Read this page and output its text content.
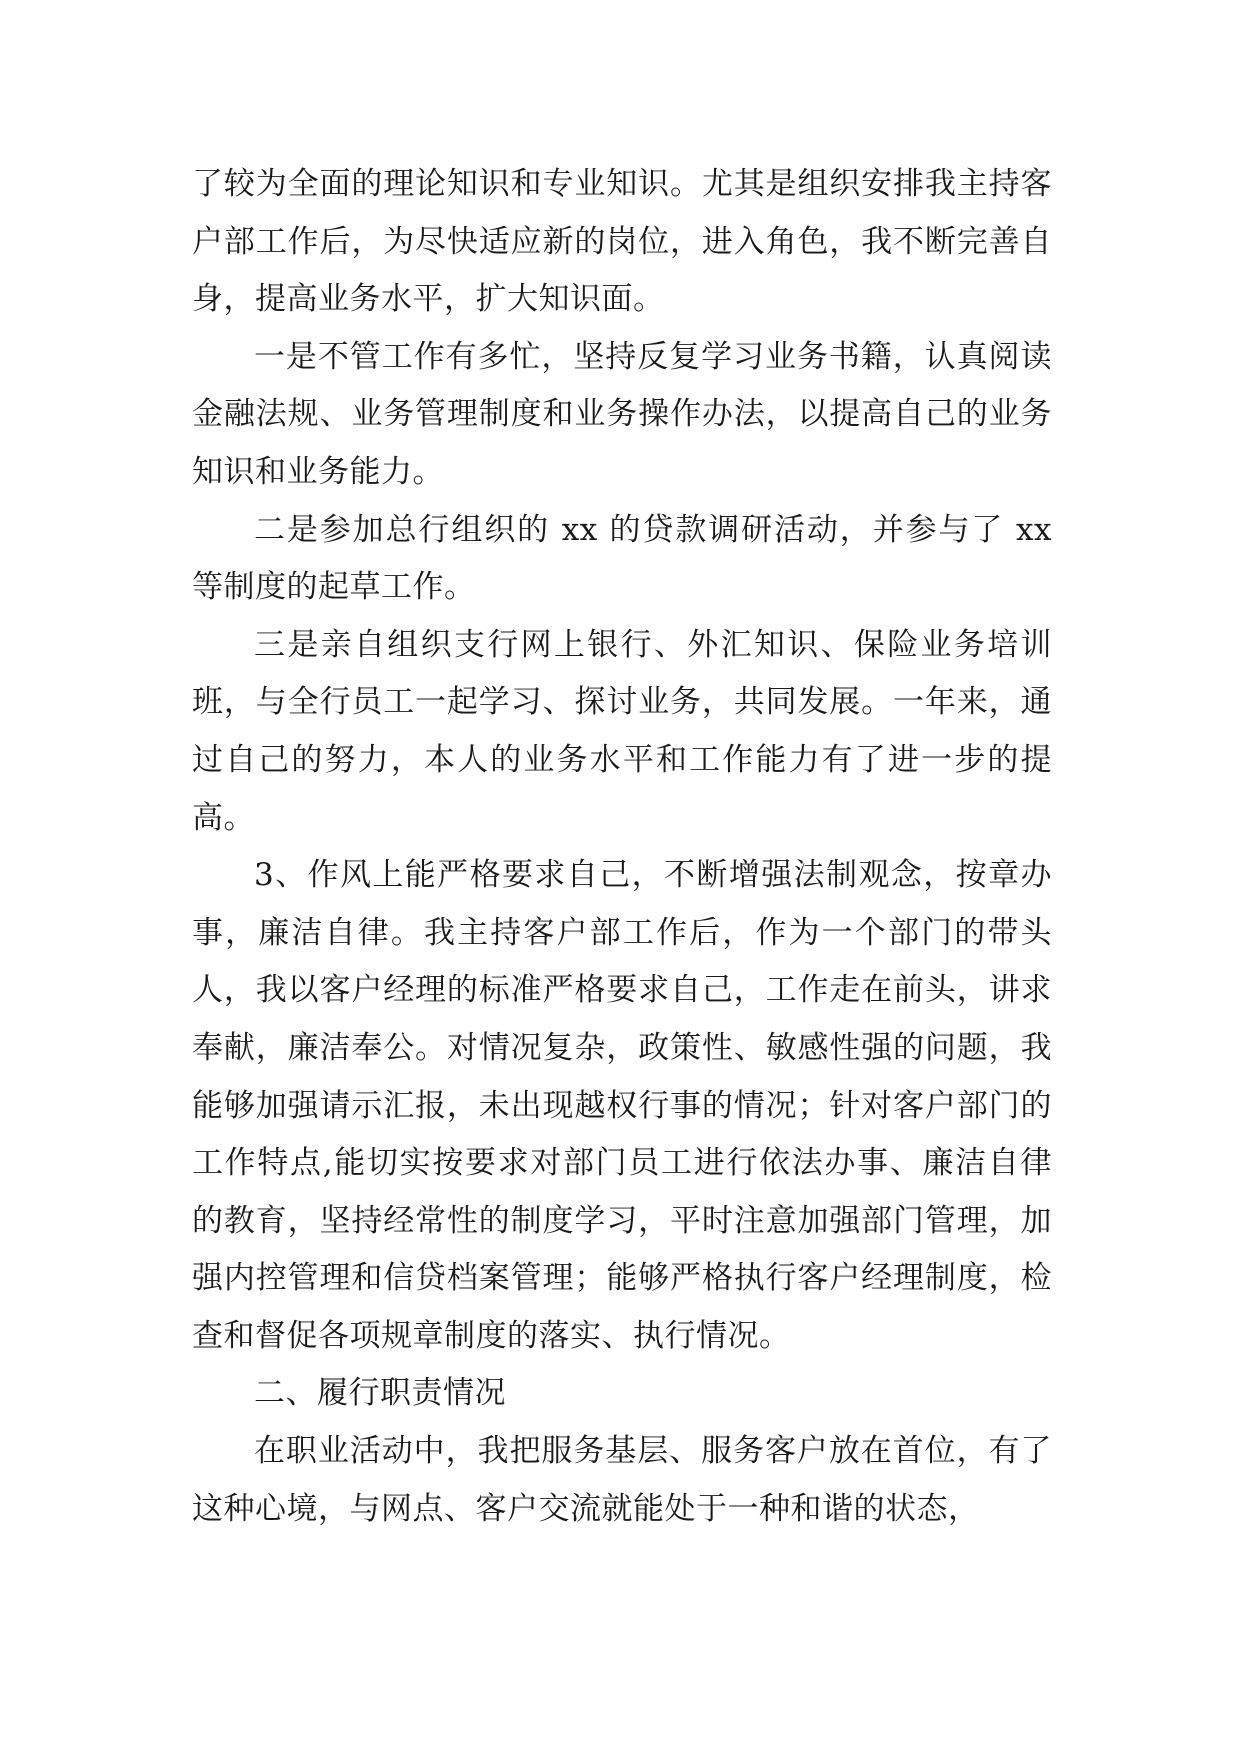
了较为全面的理论知识和专业知识。尤其是组织安排我主持客户部工作后，为尽快适应新的岗位，进入角色，我不断完善自身，提高业务水平，扩大知识面。

一是不管工作有多忙，坚持反复学习业务书籍，认真阅读金融法规、业务管理制度和业务操作办法，以提高自己的业务知识和业务能力。

二是参加总行组织的 xx 的贷款调研活动，并参与了 xx 等制度的起草工作。

三是亲自组织支行网上银行、外汇知识、保险业务培训班，与全行员工一起学习、探讨业务，共同发展。一年来，通过自己的努力，本人的业务水平和工作能力有了进一步的提高。

3、作风上能严格要求自己，不断增强法制观念，按章办事，廉洁自律。我主持客户部工作后，作为一个部门的带头人，我以客户经理的标准严格要求自己，工作走在前头，讲求奉献，廉洁奉公。对情况复杂，政策性、敏感性强的问题，我能够加强请示汇报，未出现越权行事的情况；针对客户部门的工作特点,能切实按要求对部门员工进行依法办事、廉洁自律的教育，坚持经常性的制度学习，平时注意加强部门管理，加强内控管理和信贷档案管理；能够严格执行客户经理制度，检查和督促各项规章制度的落实、执行情况。

二、履行职责情况

在职业活动中，我把服务基层、服务客户放在首位，有了这种心境，与网点、客户交流就能处于一种和谐的状态，
